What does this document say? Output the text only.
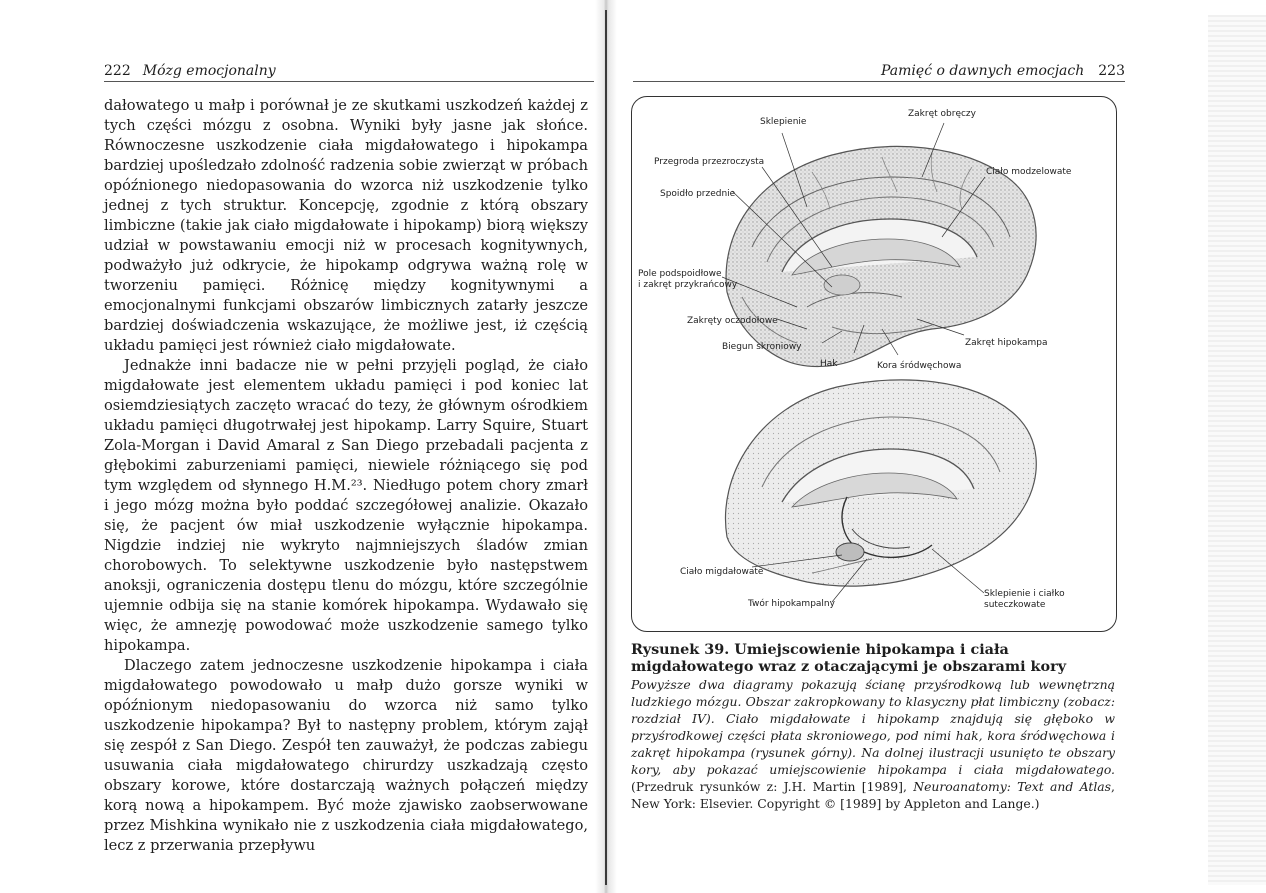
222 Mózg emocjonalny

dałowatego u małp i porównał je ze skutkami uszkodzeń każdej z tych części mózgu z osobna. Wyniki były jasne jak słońce. Równoczesne uszkodzenie ciała migdałowatego i hipokampa bardziej upośledzało zdolność radzenia sobie zwierząt w próbach opóźnionego niedopasowania do wzorca niż uszkodzenie tylko jednej z tych struktur. Koncepcję, zgodnie z którą obszary limbiczne (takie jak ciało migdałowate i hipokamp) biorą większy udział w powstawaniu emocji niż w procesach kognitywnych, podważyło już odkrycie, że hipokamp odgrywa ważną rolę w tworzeniu pamięci. Różnicę między kognitywnymi a emocjonalnymi funkcjami obszarów limbicznych zatarły jeszcze bardziej doświadczenia wskazujące, że możliwe jest, iż częścią układu pamięci jest również ciało migdałowate.

Jednakże inni badacze nie w pełni przyjęli pogląd, że ciało migdałowate jest elementem układu pamięci i pod koniec lat osiemdziesiątych zaczęto wracać do tezy, że głównym ośrodkiem układu pamięci długotrwałej jest hipokamp. Larry Squire, Stuart Zola-Morgan i David Amaral z San Diego przebadali pacjenta z głębokimi zaburzeniami pamięci, niewiele różniącego się pod tym względem od słynnego H.M.²³. Niedługo potem chory zmarł i jego mózg można było poddać szczegółowej analizie. Okazało się, że pacjent ów miał uszkodzenie wyłącznie hipokampa. Nigdzie indziej nie wykryto najmniejszych śladów zmian chorobowych. To selektywne uszkodzenie było następstwem anoksji, ograniczenia dostępu tlenu do mózgu, które szczególnie ujemnie odbija się na stanie komórek hipokampa. Wydawało się więc, że amnezję powodować może uszkodzenie samego tylko hipokampa.

Dlaczego zatem jednoczesne uszkodzenie hipokampa i ciała migdałowatego powodowało u małp dużo gorsze wyniki w opóźnionym niedopasowaniu do wzorca niż samo tylko uszkodzenie hipokampa? Był to następny problem, którym zajął się zespół z San Diego. Zespół ten zauważył, że podczas zabiegu usuwania ciała migdałowatego chirurdzy uszkadzają często obszary korowe, które dostarczają ważnych połączeń między korą nową a hipokampem. Być może zjawisko zaobserwowane przez Mishkina wynikało nie z uszkodzenia ciała migdałowatego, lecz z przerwania przepływu

Pamięć o dawnych emocjach 223
Sklepienie
Zakręt obręczy
Przegroda przezroczysta
Ciało modzelowate
Spoidło przednie
Pole podspoidłowe
i zakręt przykrańcowy
Zakręty oczodołowe
Biegun skroniowy	Zakręt hipokampa
Hak	Kora śródwęchowa
Ciało migdałowate
Twór hipokampalny
Sklepienie i ciałko
suteczkowate
Rysunek 39. Umiejscowienie hipokampa i ciała migdałowatego wraz z otaczającymi je obszarami kory
Powyższe dwa diagramy pokazują ścianę przyśrodkową lub wewnętrzną ludzkiego mózgu. Obszar zakropkowany to klasyczny płat limbiczny (zobacz: rozdział IV). Ciało migdałowate i hipokamp znajdują się głęboko w przyśrodkowej części płata skroniowego, pod nimi hak, kora śródwęchowa i zakręt hipokampa (rysunek górny). Na dolnej ilustracji usunięto te obszary kory, aby pokazać umiejscowienie hipokampa i ciała migdałowatego. (Przedruk rysunków z: J.H. Martin [1989], Neuroanatomy: Text and Atlas, New York: Elsevier. Copyright © [1989] by Appleton and Lange.)
